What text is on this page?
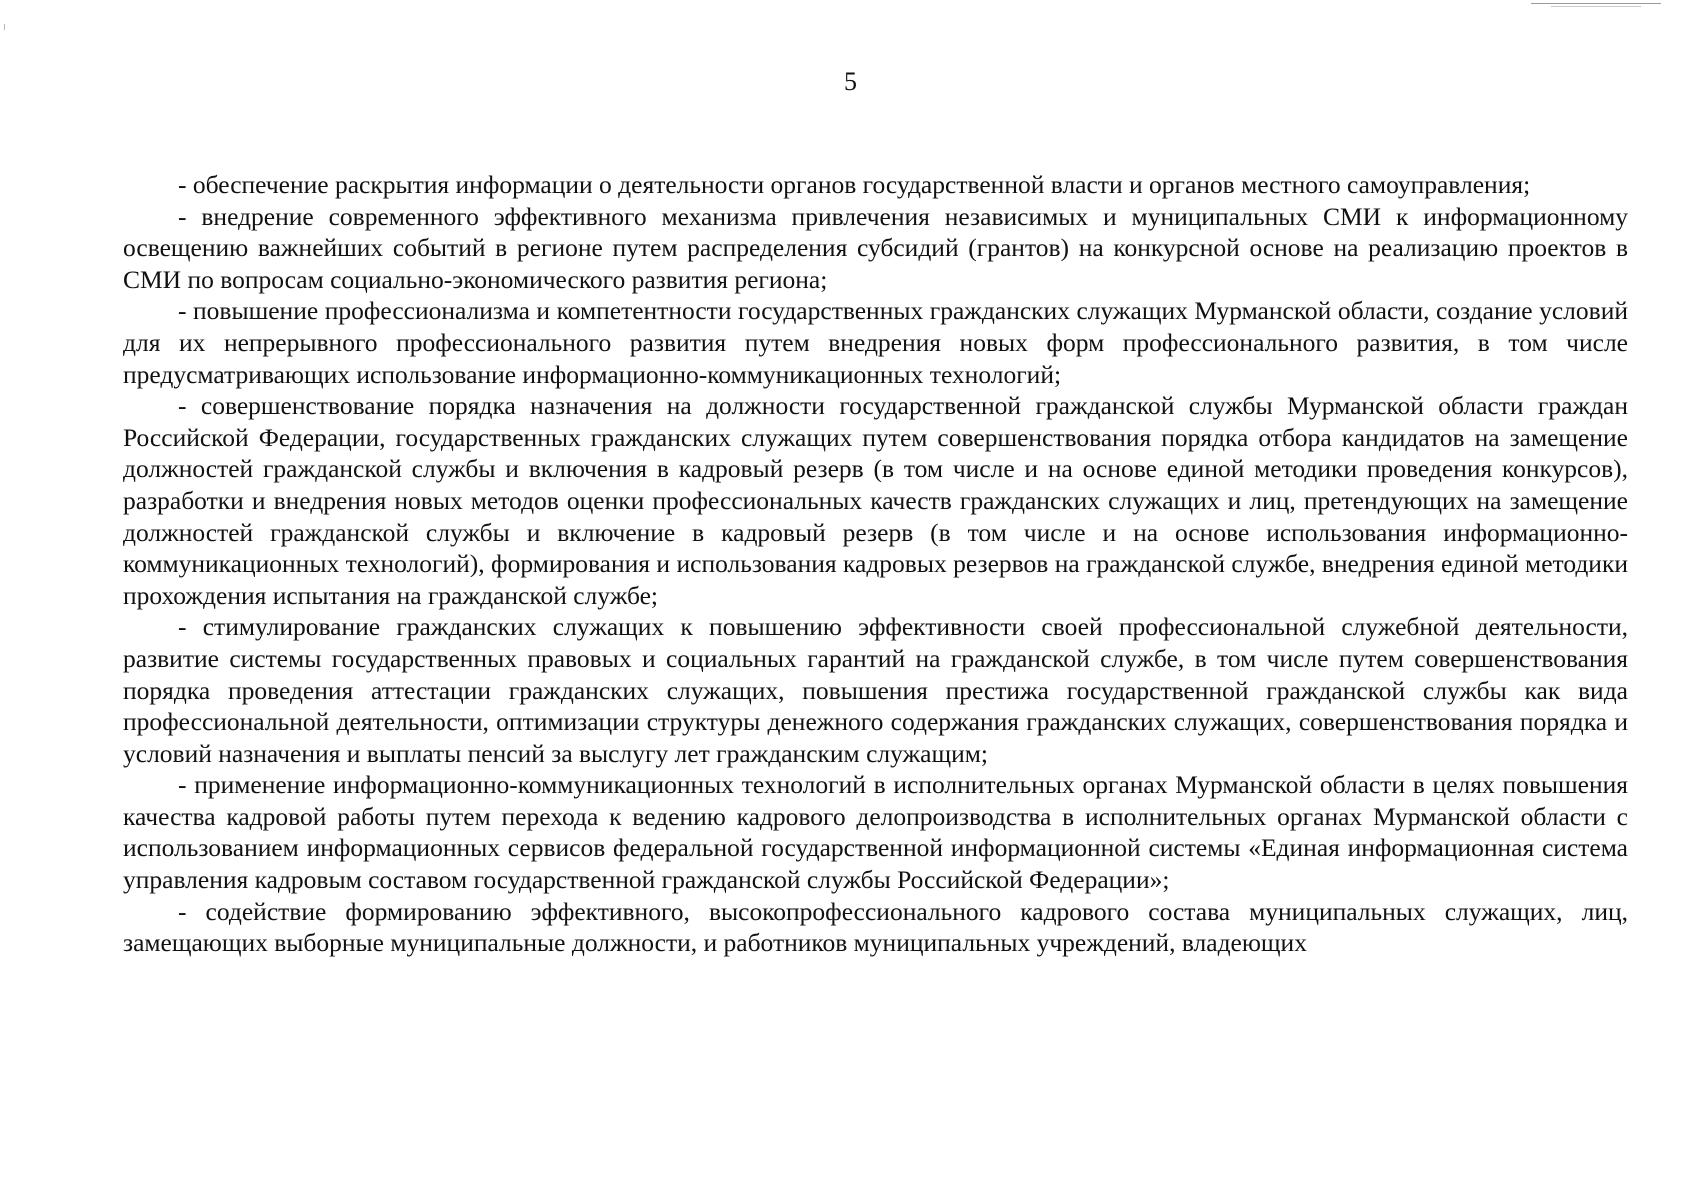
5

- обеспечение раскрытия информации о деятельности органов государственной власти и органов местного самоуправления;

- внедрение современного эффективного механизма привлечения независимых и муниципальных СМИ к информационному освещению важнейших событий в регионе путем распределения субсидий (грантов) на конкурсной основе на реализацию проектов в СМИ по вопросам социально-экономического развития региона;

- повышение профессионализма и компетентности государственных гражданских служащих Мурманской области, создание условий для их непрерывного профессионального развития путем внедрения новых форм профессионального развития, в том числе предусматривающих использование информационно-коммуникационных технологий;

- совершенствование порядка назначения на должности государственной гражданской службы Мурманской области граждан Российской Федерации, государственных гражданских служащих путем совершенствования порядка отбора кандидатов на замещение должностей гражданской службы и включения в кадровый резерв (в том числе и на основе единой методики проведения конкурсов), разработки и внедрения новых методов оценки профессиональных качеств гражданских служащих и лиц, претендующих на замещение должностей гражданской службы и включение в кадровый резерв (в том числе и на основе использования информационно-коммуникационных технологий), формирования и использования кадровых резервов на гражданской службе, внедрения единой методики прохождения испытания на гражданской службе;

- стимулирование гражданских служащих к повышению эффективности своей профессиональной служебной деятельности, развитие системы государственных правовых и социальных гарантий на гражданской службе, в том числе путем совершенствования порядка проведения аттестации гражданских служащих, повышения престижа государственной гражданской службы как вида профессиональной деятельности, оптимизации структуры денежного содержания гражданских служащих, совершенствования порядка и условий назначения и выплаты пенсий за выслугу лет гражданским служащим;

- применение информационно-коммуникационных технологий в исполнительных органах Мурманской области в целях повышения качества кадровой работы путем перехода к ведению кадрового делопроизводства в исполнительных органах Мурманской области с использованием информационных сервисов федеральной государственной информационной системы «Единая информационная система управления кадровым составом государственной гражданской службы Российской Федерации»;

- содействие формированию эффективного, высокопрофессионального кадрового состава муниципальных служащих, лиц, замещающих выборные муниципальные должности, и работников муниципальных учреждений, владеющих
